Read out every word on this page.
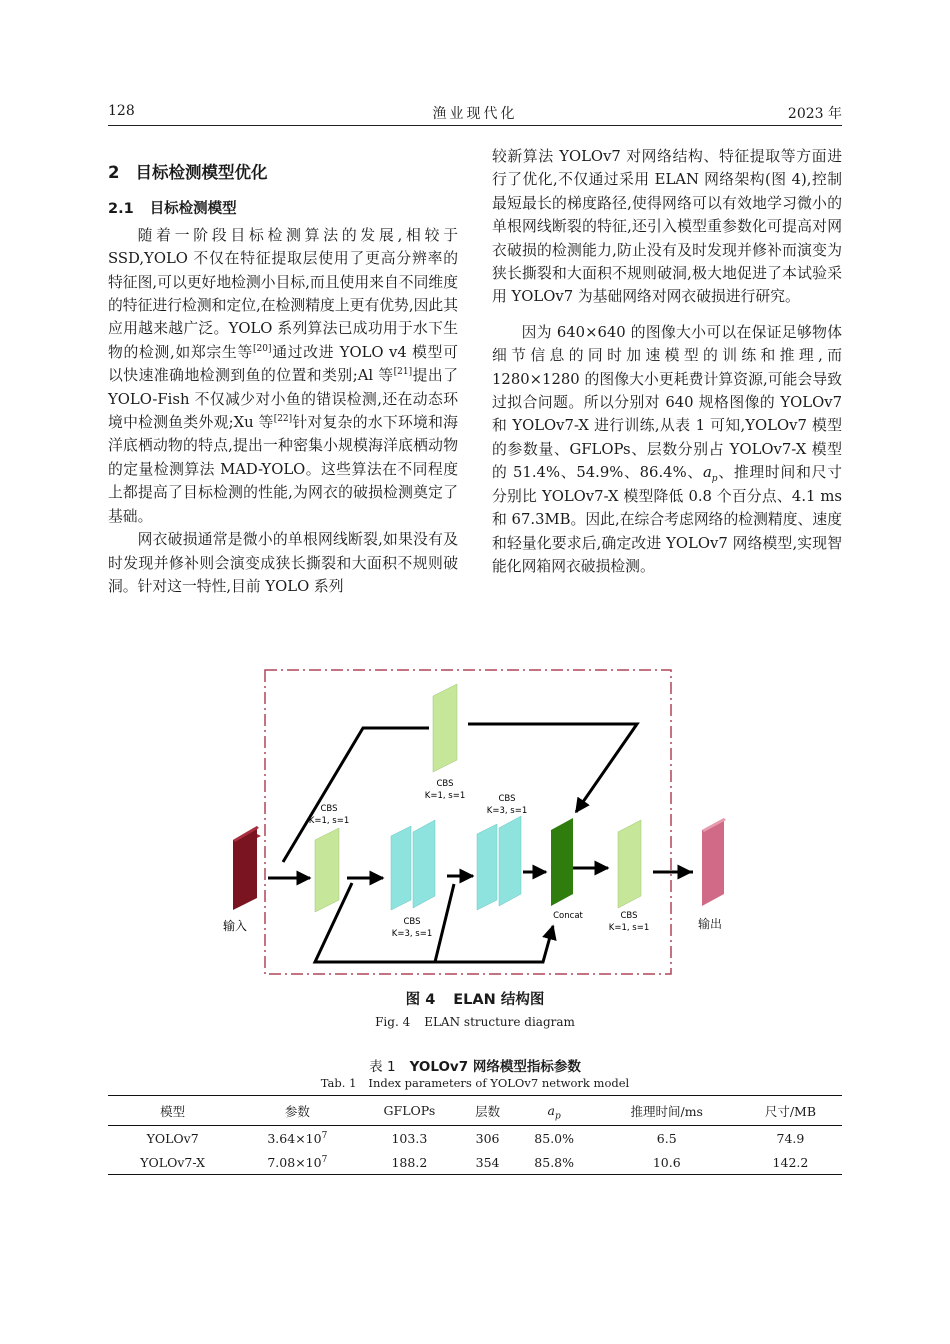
128	渔业现代化	2023 年
2 目标检测模型优化
2.1 目标检测模型

随着一阶段目标检测算法的发展,相较于 SSD,YOLO 不仅在特征提取层使用了更高分辨率的特征图,可以更好地检测小目标,而且使用来自不同维度的特征进行检测和定位,在检测精度上更有优势,因此其应用越来越广泛。YOLO 系列算法已成功用于水下生物的检测,如郑宗生等[20]通过改进 YOLO v4 模型可以快速准确地检测到鱼的位置和类别;Al 等[21]提出了 YOLO-Fish 不仅减少对小鱼的错误检测,还在动态环境中检测鱼类外观;Xu 等[22]针对复杂的水下环境和海洋底栖动物的特点,提出一种密集小规模海洋底栖动物的定量检测算法 MAD-YOLO。这些算法在不同程度上都提高了目标检测的性能,为网衣的破损检测奠定了基础。

网衣破损通常是微小的单根网线断裂,如果没有及时发现并修补则会演变成狭长撕裂和大面积不规则破洞。针对这一特性,目前 YOLO 系列

较新算法 YOLOv7 对网络结构、特征提取等方面进行了优化,不仅通过采用 ELAN 网络架构(图 4),控制最短最长的梯度路径,使得网络可以有效地学习微小的单根网线断裂的特征,还引入模型重参数化可提高对网衣破损的检测能力,防止没有及时发现并修补而演变为狭长撕裂和大面积不规则破洞,极大地促进了本试验采用 YOLOv7 为基础网络对网衣破损进行研究。

因为 640×640 的图像大小可以在保证足够物体细节信息的同时加速模型的训练和推理,而 1280×1280 的图像大小更耗费计算资源,可能会导致过拟合问题。所以分别对 640 规格图像的 YOLOv7 和 YOLOv7-X 进行训练,从表 1 可知,YOLOv7 模型的参数量、GFLOPs、层数分别占 YOLOv7-X 模型的 51.4%、54.9%、86.4%、$a_p$、推理时间和尺寸分别比 YOLOv7-X 模型降低 0.8 个百分点、4.1 ms 和 67.3MB。因此,在综合考虑网络的检测精度、速度和轻量化要求后,确定改进 YOLOv7 网络模型,实现智能化网箱网衣破损检测。

输入
CBS
K=1, s=1
CBS
K=1, s=1	CBS
K=3, s=1
CBS
K=3, s=1
Concat	CBS
K=1, s=1	输出
图 4 ELAN 结构图
Fig. 4 ELAN structure diagram
表 1 YOLOv7 网络模型指标参数
Tab. 1 Index parameters of YOLOv7 network model
模型	参数	GFLOPs	层数	$a_p$	推理时间/ms	尺寸/MB
YOLOv7	$3.64\times 10^7$	103.3	306	85.0%	6.5	74.9
YOLOv7-X	$7.08\times 10^7$	188.2	354	85.8%	10.6	142.2
